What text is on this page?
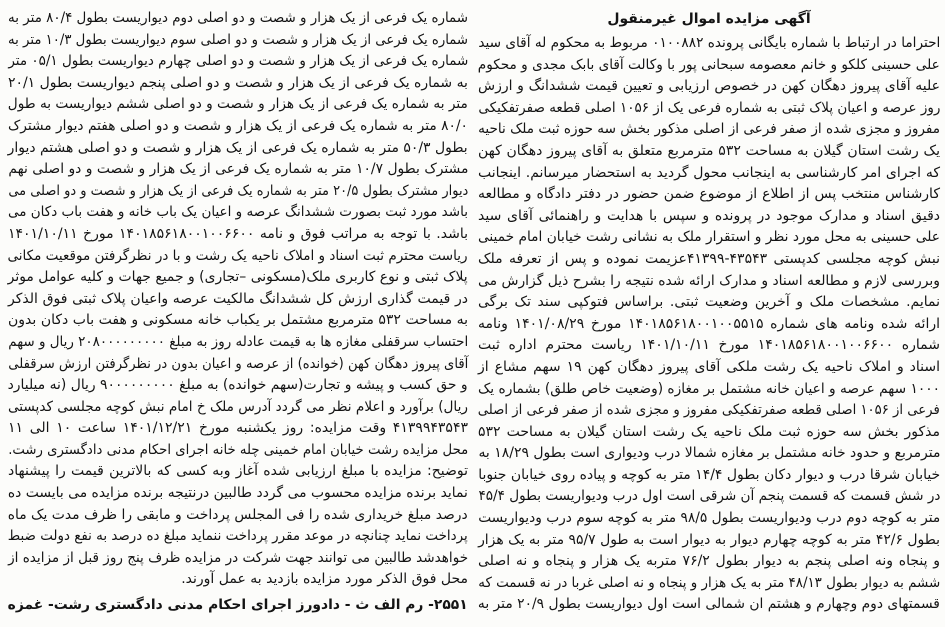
آگهی مزایده اموال غیرمنقول
احتراما در ارتباط با شماره بایگانی پرونده ۰۱۰۰۸۸۲ مربوط به محکوم له آقای سید
علی حسینی کلکو و خانم معصومه سبحانی پور با وکالت آقای بابک مجدی و محکوم
علیه آقای پیروز دهگان کهن در خصوص ارزیابی و تعیین قیمت ششدانگ و ارزش
روز عرصه و اعیان پلاک ثبتی به شماره فرعی یک از ۱۰۵۶ اصلی قطعه صفرتفکیکی
مفروز و مجزی شده از صفر فرعی از اصلی مذکور بخش سه حوزه ثبت ملک ناحیه
یک رشت استان گیلان به مساحت ۵۳۲ مترمربع متعلق به آقای پیروز دهگان کهن
که اجرای امر کارشناسی به اینجانب محول گردید به استحضار میرسانم. اینجانب
کارشناس منتخب پس از اطلاع از موضوع ضمن حضور در دفتر دادگاه و مطالعه
دقیق اسناد و مدارک موجود در پرونده و سپس با هدایت و راهنمائی آقای سید
علی حسینی به محل مورد نظر و استقرار ملک به نشانی رشت خیابان امام خمینی
نبش کوچه مجلسی کدپستی ۴۳۵۴۳-۴۱۳۹۹عزیمت نموده و پس از تعرفه ملک
وبررسی لازم و مطالعه اسناد و مدارک ارائه شده نتیجه را بشرح ذیل گزارش می
نمایم. مشخصات ملک و آخرین وضعیت ثبتی. براساس فتوکپی سند تک برگی
ارائه شده ونامه های شماره ۱۴۰۱۸۵۶۱۸۰۰۱۰۰۵۵۱۵ مورخ ۱۴۰۱/۰۸/۲۹ ونامه
شماره ۱۴۰۱۸۵۶۱۸۰۰۱۰۰۶۶۰۰ مورخ ۱۴۰۱/۱۰/۱۱ ریاست محترم اداره ثبت
اسناد و املاک ناحیه یک رشت ملکی آقای پیروز دهگان کهن ۱۹ سهم مشاع از
۱۰۰۰ سهم عرصه و اعیان خانه مشتمل بر مغازه (وضعیت خاص طلق) بشماره یک
فرعی از ۱۰۵۶ اصلی قطعه صفرتفکیکی مفروز و مجزی شده از صفر فرعی از اصلی
مذکور بخش سه حوزه ثبت ملک ناحیه یک رشت استان گیلان به مساحت ۵۳۲
مترمربع و حدود خانه مشتمل بر مغازه شمالا درب ودیواری است بطول ۱۸/۲۹ به
خیابان شرقا درب و دیوار دکان بطول ۱۴/۴ متر به کوچه و پیاده روی خیابان جنوبا
در شش قسمت که قسمت پنجم آن شرقی است اول درب ودیواریست بطول ۴۵/۴
متر به کوچه دوم درب ودیواریست بطول ۹۸/۵ متر به کوچه سوم درب ودیواریست
بطول ۴۲/۶ متر به کوچه چهارم دیوار به دیوار است به طول ۹۵/۷ متر به یک هزار
و پنجاه ونه اصلی پنجم به دیوار بطول ۷۶/۲ متربه یک هزار و پنجاه و نه اصلی
ششم به دیوار بطول ۴۸/۱۳ متر به یک هزار و پنجاه و نه اصلی غربا در نه قسمت که
قسمتهای دوم وچهارم و هشتم ان شمالی است اول دیواریست بطول ۲۰/۹ متر به
شماره یک فرعی از یک هزار و شصت و دو اصلی دوم دیواریست بطول ۸۰/۴ متر به
شماره یک فرعی از یک هزار و شصت و دو اصلی سوم دیواریست بطول ۱۰/۳ متر به
شماره یک فرعی از یک هزار و شصت و دو اصلی چهارم دیواریست بطول ۰۵/۱ متر
به شماره یک فرعی از یک هزار و شصت و دو اصلی پنجم دیواریست بطول ۲۰/۱
متر به شماره یک فرعی از یک هزار و شصت و دو اصلی ششم دیواریست به طول
۸۰/۰ متر به شماره یک فرعی از یک هزار و شصت و دو اصلی هفتم دیوار مشترک
بطول ۵۰/۳ متر به شماره یک فرعی از یک هزار و شصت و دو اصلی هشتم دیوار
مشترک بطول ۱۰/۷ متر به شماره یک فرعی از یک هزار و شصت و دو اصلی نهم
دیوار مشترک بطول ۲۰/۵ متر به شماره یک فرعی از یک هزار و شصت و دو اصلی می
باشد مورد ثبت بصورت ششدانگ عرصه و اعیان یک باب خانه و هفت باب دکان می
باشد. با توجه به مراتب فوق و نامه ۱۴۰۱۸۵۶۱۸۰۰۱۰۰۶۶۰۰ مورخ ۱۴۰۱/۱۰/۱۱
ریاست محترم ثبت اسناد و املاک ناحیه یک رشت و با در نظرگرفتن موقعیت مکانی
پلاک ثبتی و نوع کاربری ملک(مسکونی –تجاری) و جمیع جهات و کلیه عوامل موثر
در قیمت گذاری ارزش کل ششدانگ مالکیت عرصه واعیان پلاک ثبتی فوق الذکر
به مساحت ۵۳۲ مترمربع مشتمل بر یکباب خانه مسکونی و هفت باب دکان بدون
احتساب سرقفلی مغازه ها به قیمت عادله روز به مبلغ ۲۰۸۰۰۰۰۰۰۰۰۰ ریال و سهم
آقای پیروز دهگان کهن (خوانده) از عرصه و اعیان بدون در نظرگرفتن ارزش سرقفلی
و حق کسب و پیشه و تجارت(سهم خوانده) به مبلغ ۹۰۰۰۰۰۰۰۰۰ ریال (نه میلیارد
ریال) برآورد و اعلام نظر می گردد آدرس ملک خ امام نبش کوچه مجلسی کدپستی
۴۱۳۹۹۴۳۵۴۳ وقت مزایده: روز یکشنبه مورخ ۱۴۰۱/۱۲/۲۱ ساعت ۱۰ الی ۱۱
محل مزایده رشت خیابان امام خمینی چله خانه اجرای احکام مدنی دادگستری رشت.
توضیح: مزایده با مبلغ ارزیابی شده آغاز وبه کسی که بالاترین قیمت را پیشنهاد
نماید برنده مزایده محسوب می گردد طالبین درنتیجه برنده مزایده می بایست ده
درصد مبلغ خریداری شده را فی المجلس پرداخت و مابقی را ظرف مدت یک ماه
پرداخت نماید چنانچه در موعد مقرر پرداخت ننماید مبلغ ده درصد به نفع دولت ضبط
خواهدشد طالبین می توانند جهت شرکت در مزایده ظرف پنج روز قبل از مزایده از
محل فوق الذکر مورد مزایده بازدید به عمل آورند.
۲۵۵۱- رم الف ث - دادورز اجرای احکام مدنی دادگستری رشت- غمزه
